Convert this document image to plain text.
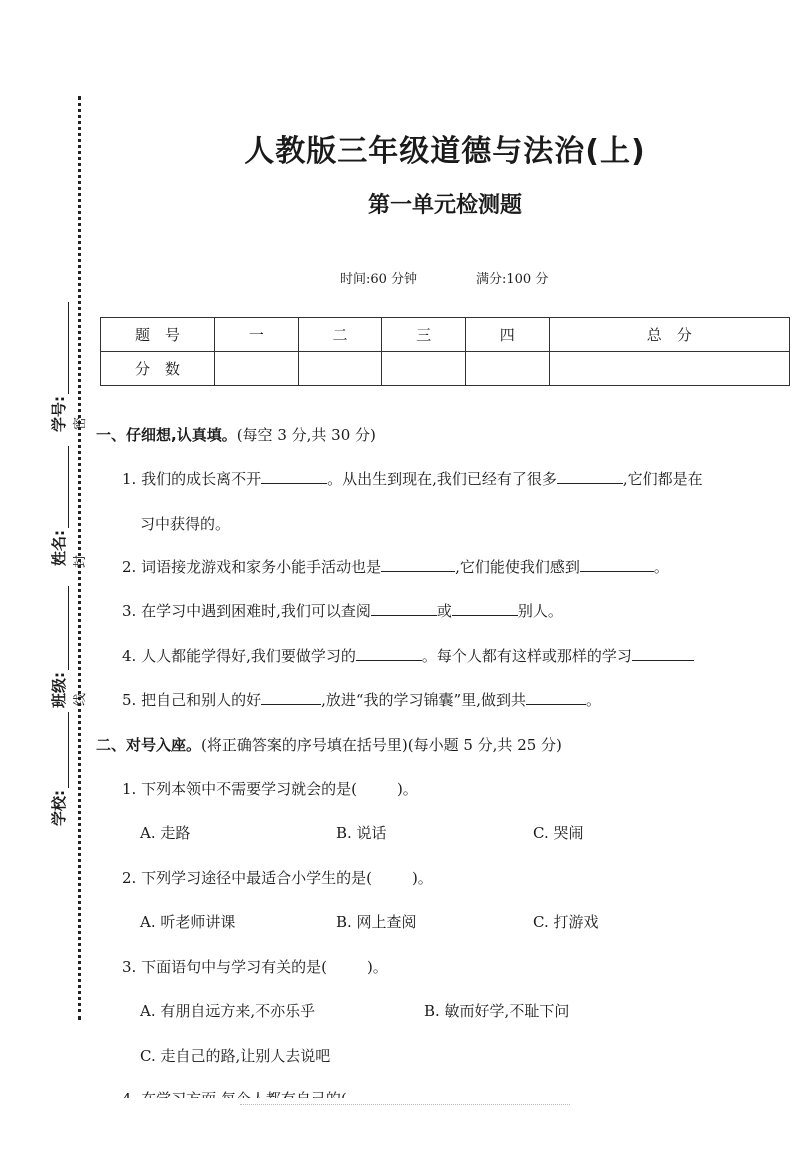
密
封
线
学号:
姓名:
班级:
学校:
人教版三年级道德与法治(上)
第一单元检测题
时间:60 分钟	满分:100 分
题　号	一	二	三	四	总　分
分　数					
一、仔细想,认真填。(每空 3 分,共 30 分)
1. 我们的成长离不开	。从出生到现在,我们已经有了很多	,它们都是在
习中获得的。
2. 词语接龙游戏和家务小能手活动也是	,它们能使我们感到	。
3. 在学习中遇到困难时,我们可以查阅	或	别人。
4. 人人都能学得好,我们要做学习的	。每个人都有这样或那样的学习
5. 把自己和别人的好	,放进“我的学习锦囊”里,做到共	。
二、对号入座。(将正确答案的序号填在括号里)(每小题 5 分,共 25 分)
1. 下列本领中不需要学习就会的是(	)。
A. 走路	B. 说话	C. 哭闹
2. 下列学习途径中最适合小学生的是(	)。
A. 听老师讲课	B. 网上查阅	C. 打游戏
3. 下面语句中与学习有关的是(	)。
A. 有朋自远方来,不亦乐乎	B. 敏而好学,不耻下问
C. 走自己的路,让别人去说吧
